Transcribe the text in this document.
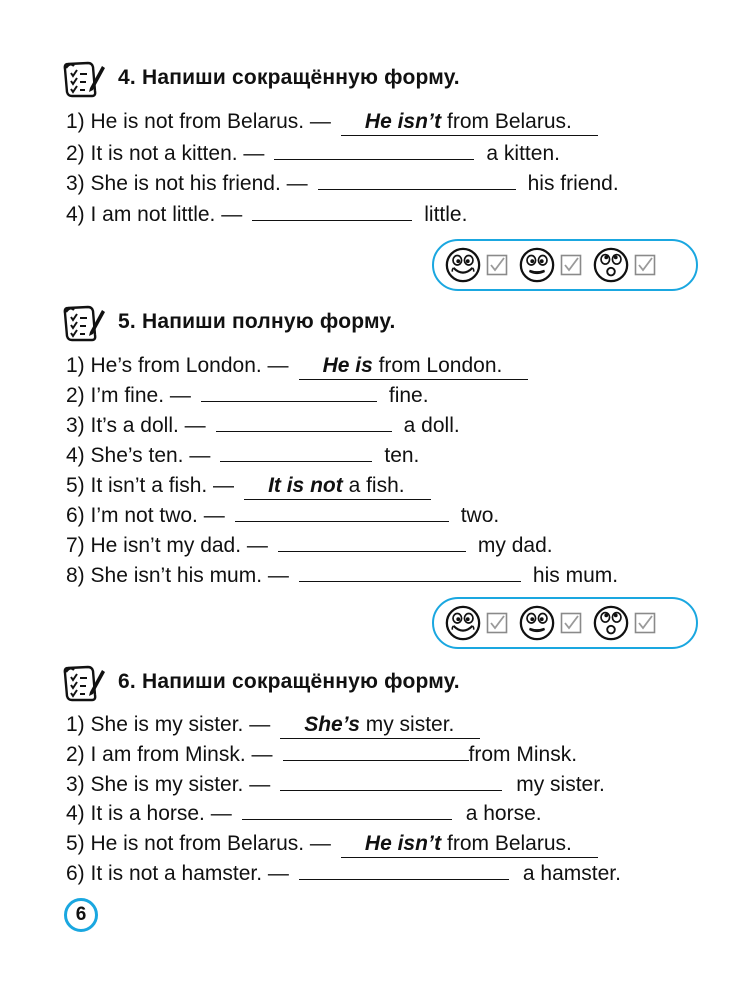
4. Напиши сокращённую форму.
1) He is not from Belarus. —	He isn’t from Belarus.
2) It is not a kitten. —	a kitten.
3) She is not his friend. —	his friend.
4) I am not little. —	little.
5. Напиши полную форму.
1) He’s from London. —	He is from London.
2) I’m fine. —	fine.
3) It’s a doll. —	a doll.
4) She’s ten. —	ten.
5) It isn’t a fish. —	It is not a fish.
6) I’m not two. —	two.
7) He isn’t my dad. —	my dad.
8) She isn’t his mum. —	his mum.
6. Напиши сокращённую форму.
1) She is my sister. —	She’s my sister.
2) I am from Minsk. —	from Minsk.
3) She is my sister. —	my sister.
4) It is a horse. —	a horse.
5) He is not from Belarus. —	He isn’t from Belarus.
6) It is not a hamster. —	a hamster.
6
